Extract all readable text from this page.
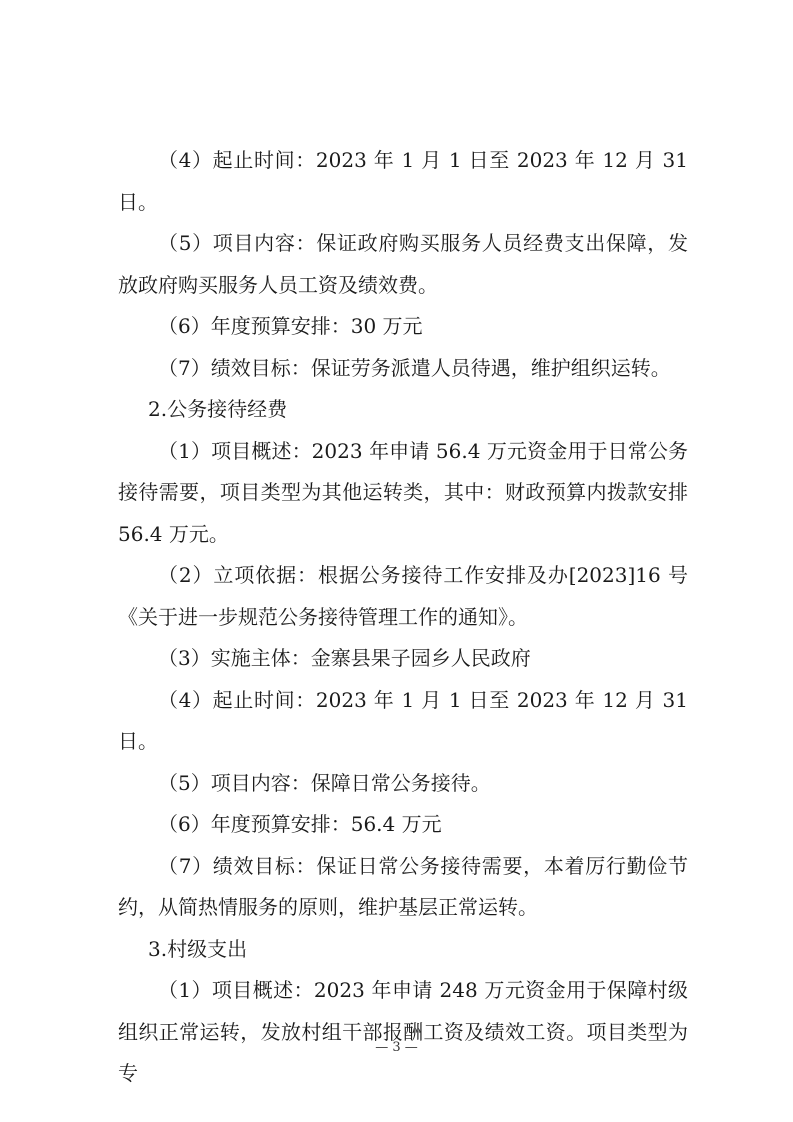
（4）起止时间：2023 年 1 月 1 日至 2023 年 12 月 31 日。

（5）项目内容：保证政府购买服务人员经费支出保障，发放政府购买服务人员工资及绩效费。

（6）年度预算安排：30 万元

（7）绩效目标：保证劳务派遣人员待遇，维护组织运转。

2.公务接待经费

（1）项目概述：2023 年申请 56.4 万元资金用于日常公务接待需要，项目类型为其他运转类，其中：财政预算内拨款安排 56.4 万元。

（2）立项依据：根据公务接待工作安排及办[2023]16 号《关于进一步规范公务接待管理工作的通知》。

（3）实施主体：金寨县果子园乡人民政府

（4）起止时间：2023 年 1 月 1 日至 2023 年 12 月 31 日。

（5）项目内容：保障日常公务接待。

（6）年度预算安排：56.4 万元

（7）绩效目标：保证日常公务接待需要，本着厉行勤俭节约，从简热情服务的原则，维护基层正常运转。

3.村级支出

（1）项目概述：2023 年申请 248 万元资金用于保障村级组织正常运转，发放村组干部报酬工资及绩效工资。项目类型为专

— 3 —
